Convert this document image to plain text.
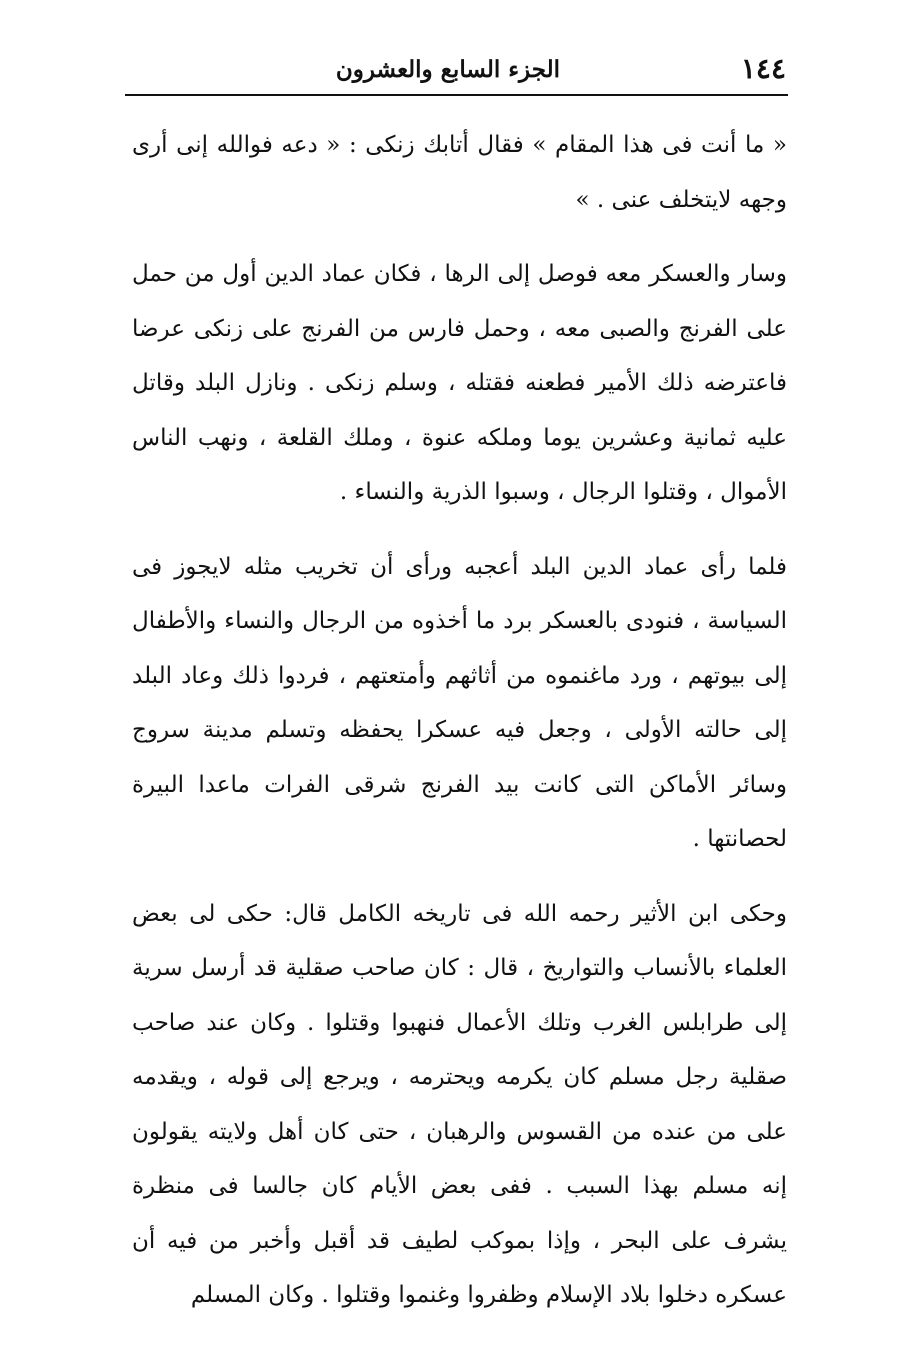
١٤٤
الجزء السابع والعشرون

« ما أنت فى هذا المقام » فقال أتابك زنكى : « دعه فوالله إنى أرى وجهه لايتخلف عنى . »

وسار والعسكر معه فوصل إلى الرها ، فكان عماد الدين أول من حمل على الفرنج والصبى معه ، وحمل فارس من الفرنج على زنكى عرضا فاعترضه ذلك الأمير فطعنه فقتله ، وسلم زنكى . ونازل البلد وقاتل عليه ثمانية وعشرين يوما وملكه عنوة ، وملك القلعة ، ونهب الناس الأموال ، وقتلوا الرجال ، وسبوا الذرية والنساء .

فلما رأى عماد الدين البلد أعجبه ورأى أن تخريب مثله لايجوز فى السياسة ، فنودى بالعسكر برد ما أخذوه من الرجال والنساء والأطفال إلى بيوتهم ، ورد ماغنموه من أثاثهم وأمتعتهم ، فردوا ذلك وعاد البلد إلى حالته الأولى ، وجعل فيه عسكرا يحفظه وتسلم مدينة سروج وسائر الأماكن التى كانت بيد الفرنج شرقى الفرات ماعدا البيرة لحصانتها .

وحكى ابن الأثير رحمه الله فى تاريخه الكامل قال: حكى لى بعض العلماء بالأنساب والتواريخ ، قال : كان صاحب صقلية قد أرسل سرية إلى طرابلس الغرب وتلك الأعمال فنهبوا وقتلوا . وكان عند صاحب صقلية رجل مسلم كان يكرمه ويحترمه ، ويرجع إلى قوله ، ويقدمه على من عنده من القسوس والرهبان ، حتى كان أهل ولايته يقولون إنه مسلم بهذا السبب . ففى بعض الأيام كان جالسا فى منظرة يشرف على البحر ، وإذا بموكب لطيف قد أقبل وأخبر من فيه أن عسكره دخلوا بلاد الإسلام وظفروا وغنموا وقتلوا . وكان المسلم
